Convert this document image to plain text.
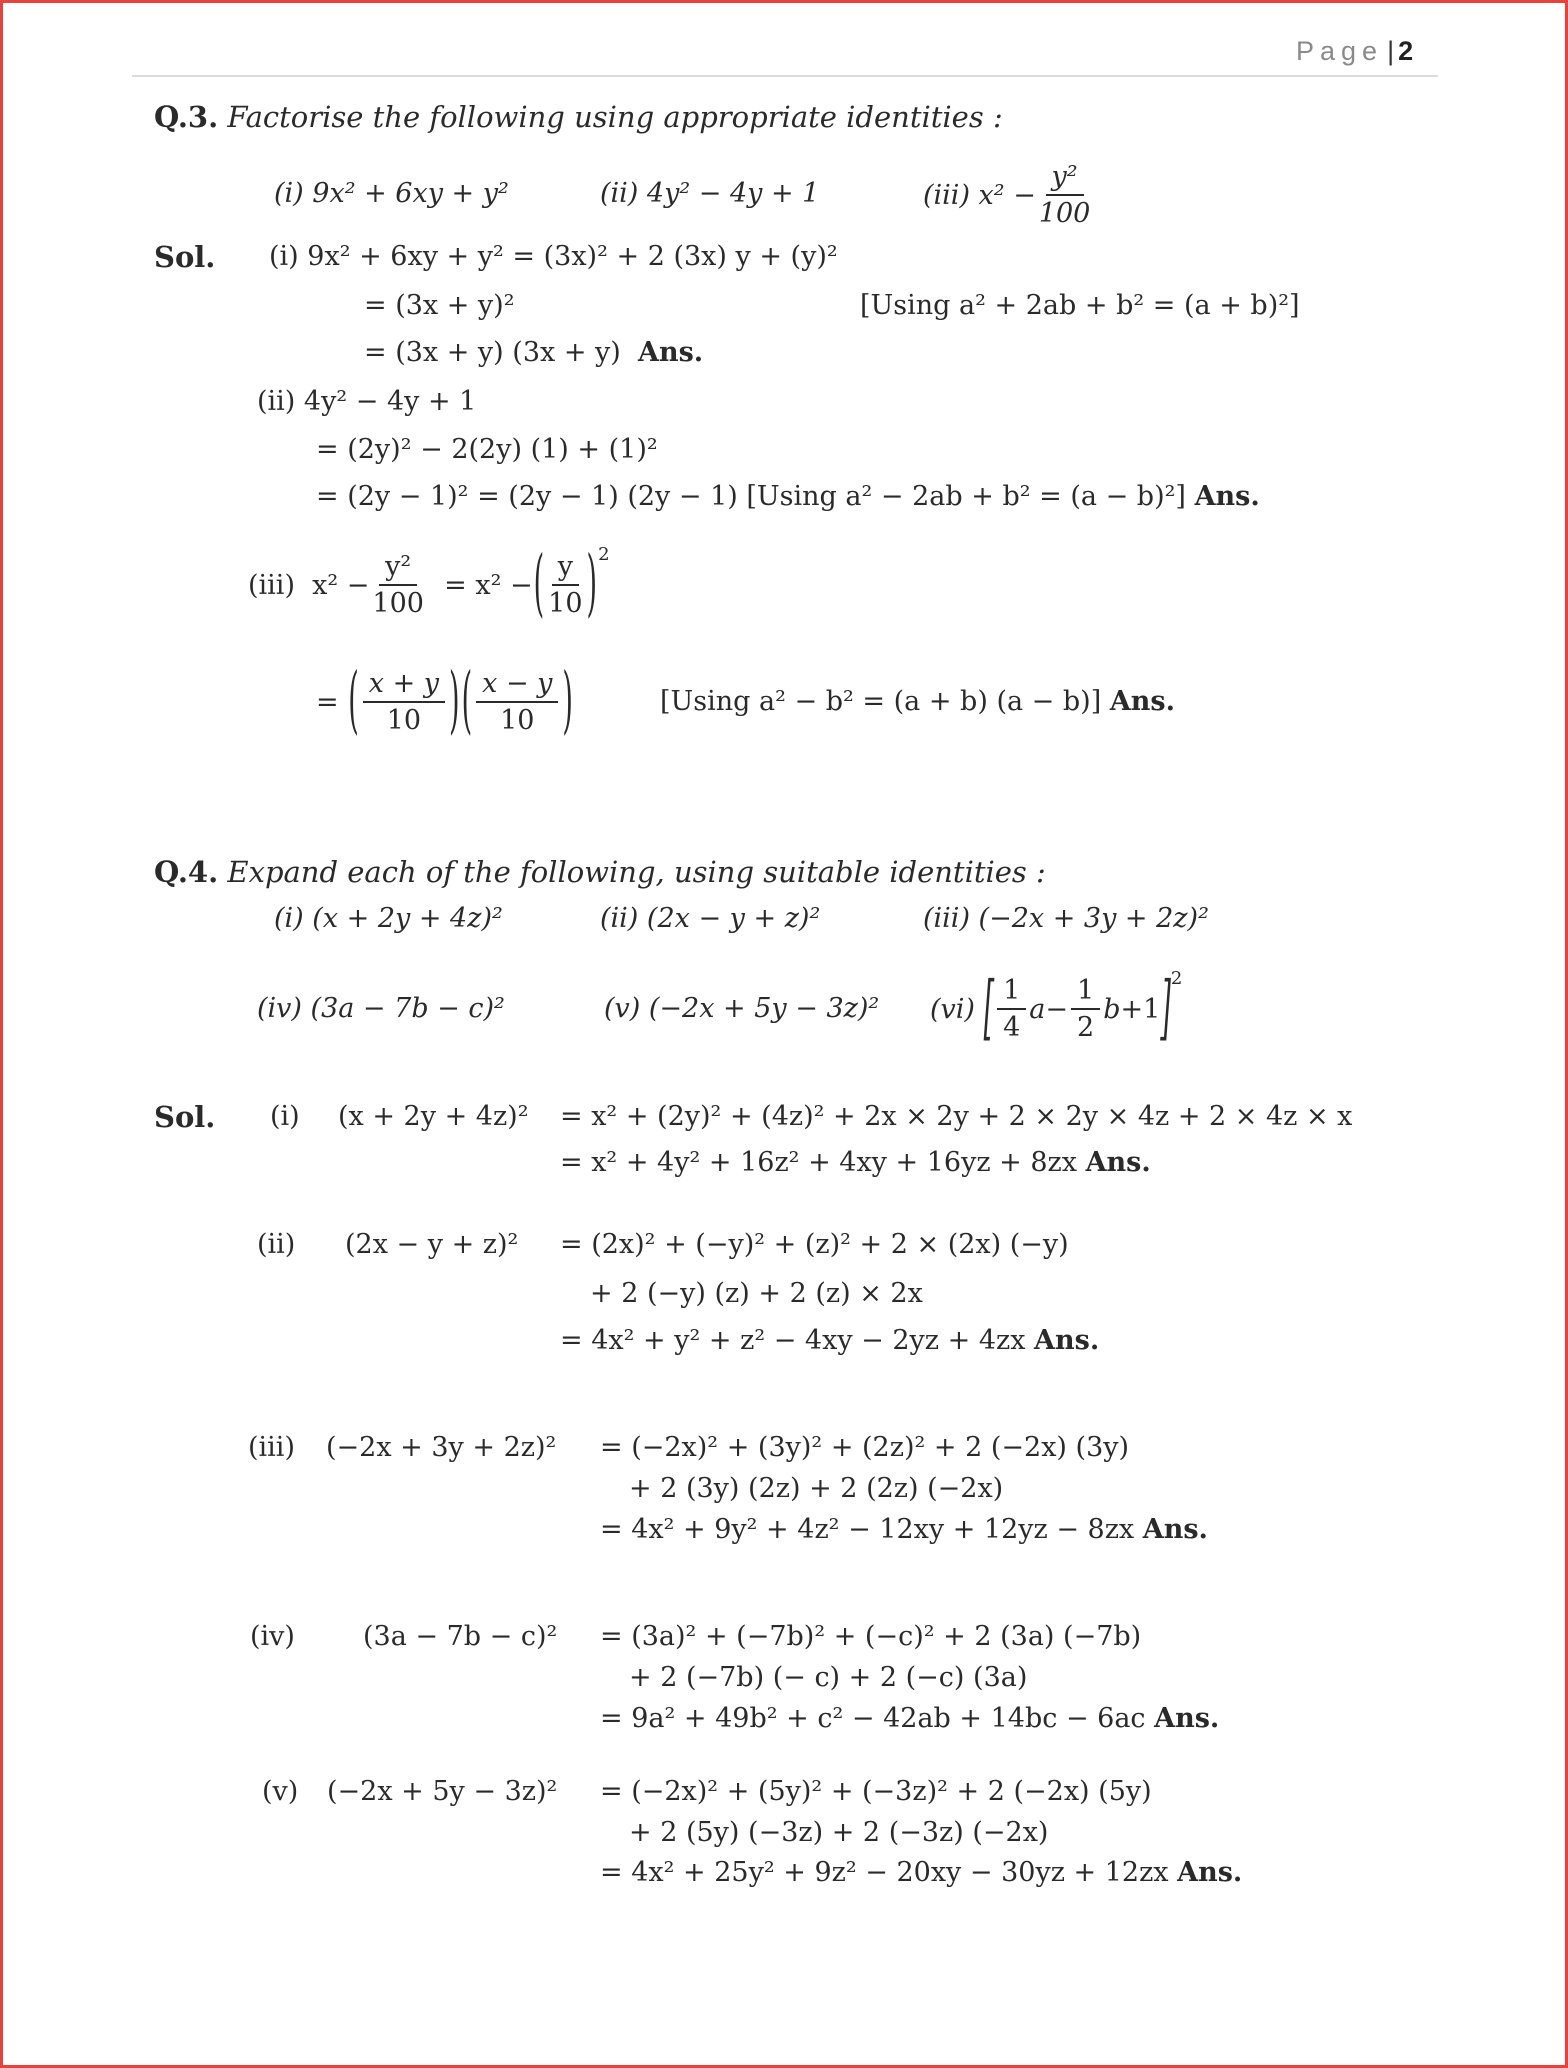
Page | 2
Q.3. Factorise the following using appropriate identities :
(i) 9x² + 6xy + y²	(ii) 4y² − 4y + 1	(iii) $x^2 - \frac{\text{y²}}{100}$
Sol. (i) 9x² + 6xy + y² = (3x)² + 2 (3x) y + (y)²
= (3x + y)²	[Using a² + 2ab + b² = (a + b)²]
= (3x + y) (3x + y) Ans.
(ii) 4y² − 4y + 1
= (2y)² − 2(2y) (1) + (1)²
= (2y − 1)² = (2y − 1) (2y − 1) [Using a² − 2ab + b² = (a − b)²] Ans.
(iii)
$x^2 - \frac{\text{y²}}{100}$
=
x² − ( $\frac{y}{10} )^2$
=
( $\frac{x + y}{10}$ ) ( $\frac{x - y}{10}$ )	[Using a² − b² = (a + b) (a − b)] Ans.
Q.4. Expand each of the following, using suitable identities :
(i) (x + 2y + 4z)²	(ii) (2x − y + z)²	(iii) (−2x + 3y + 2z)²
(iv) (3a − 7b − c)²	(v) (−2x + 5y − 3z)² (vi)
[ $\frac{1}{4}$ $a - \frac{1}{2}$ b +1 ]$^2$
Sol. (i) (x + 2y + 4z)² = x² + (2y)² + (4z)² + 2x × 2y + 2 × 2y × 4z + 2 × 4z × x
= x² + 4y² + 16z² + 4xy + 16yz + 8zx Ans.
(ii) (2x − y + z)² = (2x)² + (−y)² + (z)² + 2 × (2x) (−y)
+ 2 (−y) (z) + 2 (z) × 2x
= 4x² + y² + z² − 4xy − 2yz + 4zx Ans.
(iii) (−2x + 3y + 2z)² = (−2x)² + (3y)² + (2z)² + 2 (−2x) (3y)
+ 2 (3y) (2z) + 2 (2z) (−2x)
= 4x² + 9y² + 4z² − 12xy + 12yz − 8zx Ans.
(iv)	(3a − 7b − c)² = (3a)² + (−7b)² + (−c)² + 2 (3a) (−7b)
+ 2 (−7b) (− c) + 2 (−c) (3a)
= 9a² + 49b² + c² − 42ab + 14bc − 6ac Ans.
(v) (−2x + 5y − 3z)² = (−2x)² + (5y)² + (−3z)² + 2 (−2x) (5y)
+ 2 (5y) (−3z) + 2 (−3z) (−2x)
= 4x² + 25y² + 9z² − 20xy − 30yz + 12zx Ans.
